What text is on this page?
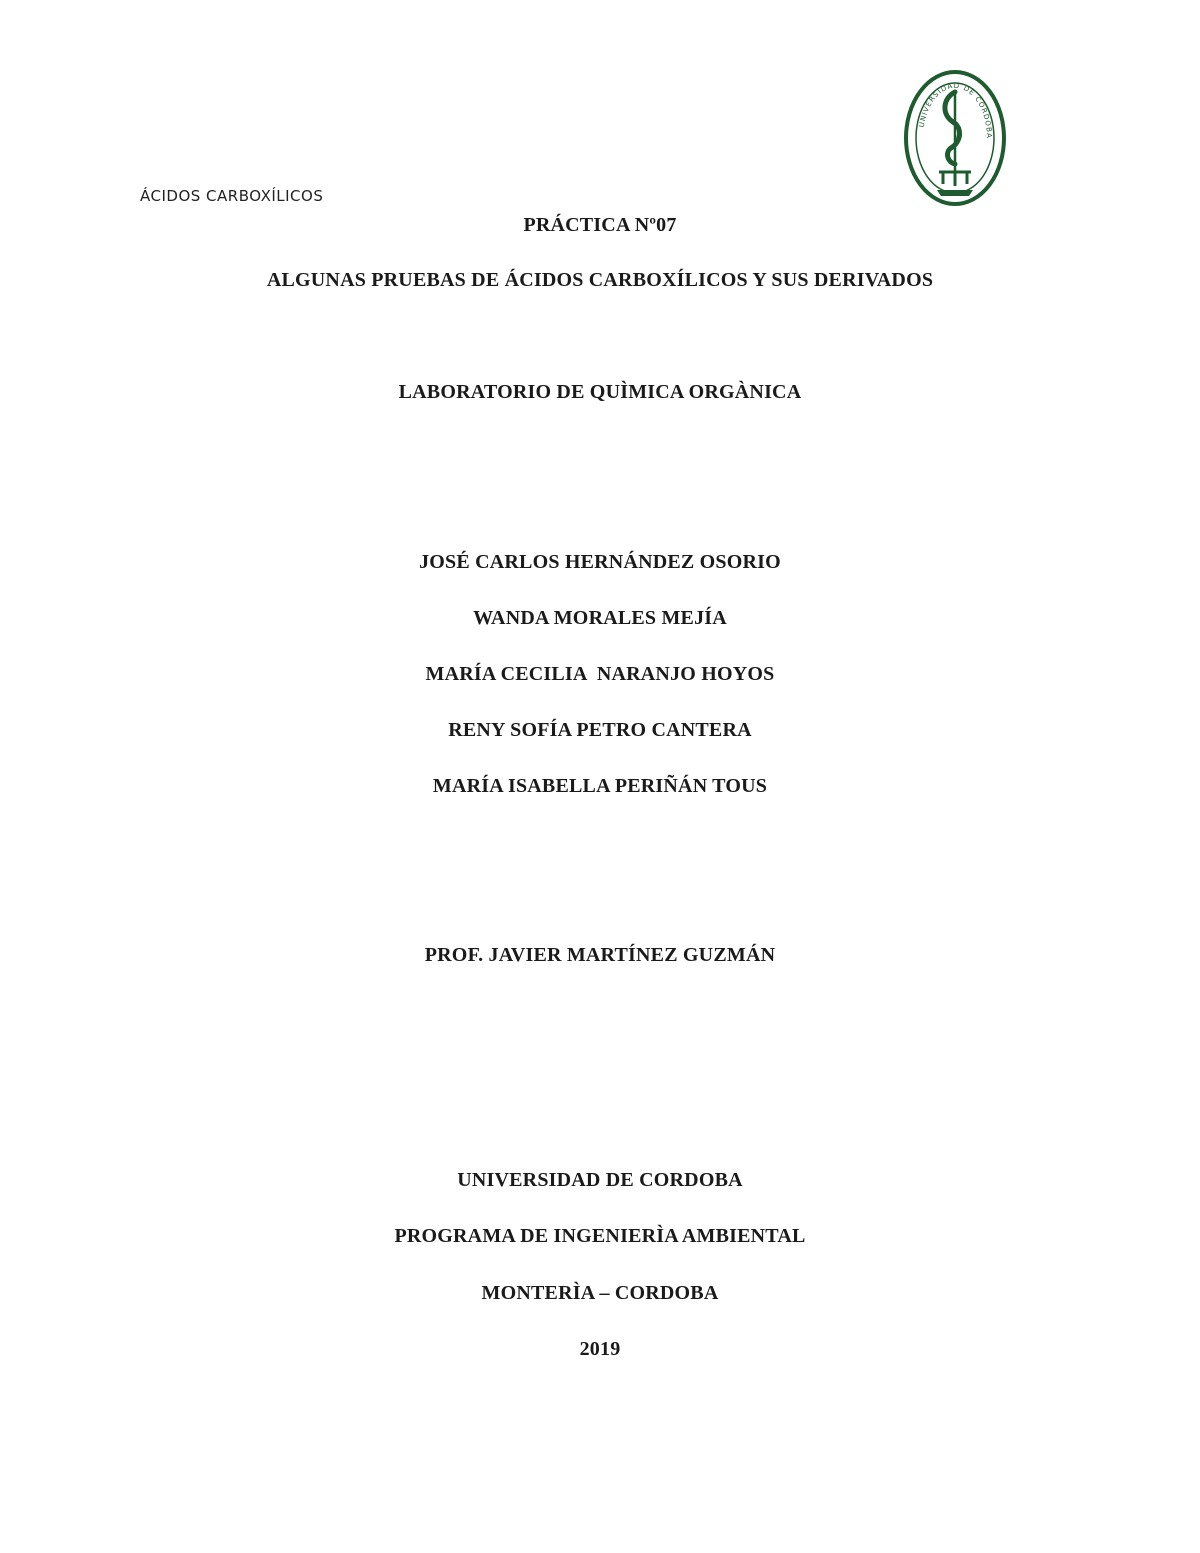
ÁCIDOS CARBOXÍLICOS
UNIVERSIDAD DE CORDOBA
PRÁCTICA Nº07
ALGUNAS PRUEBAS DE ÁCIDOS CARBOXÍLICOS Y SUS DERIVADOS
LABORATORIO DE QUÌMICA ORGÀNICA
JOSÉ CARLOS HERNÁNDEZ OSORIO
WANDA MORALES MEJÍA
MARÍA CECILIA  NARANJO HOYOS
RENY SOFÍA PETRO CANTERA
MARÍA ISABELLA PERIÑÁN TOUS
PROF. JAVIER MARTÍNEZ GUZMÁN
UNIVERSIDAD DE CORDOBA
PROGRAMA DE INGENIERÌA AMBIENTAL
MONTERÌA – CORDOBA
2019
